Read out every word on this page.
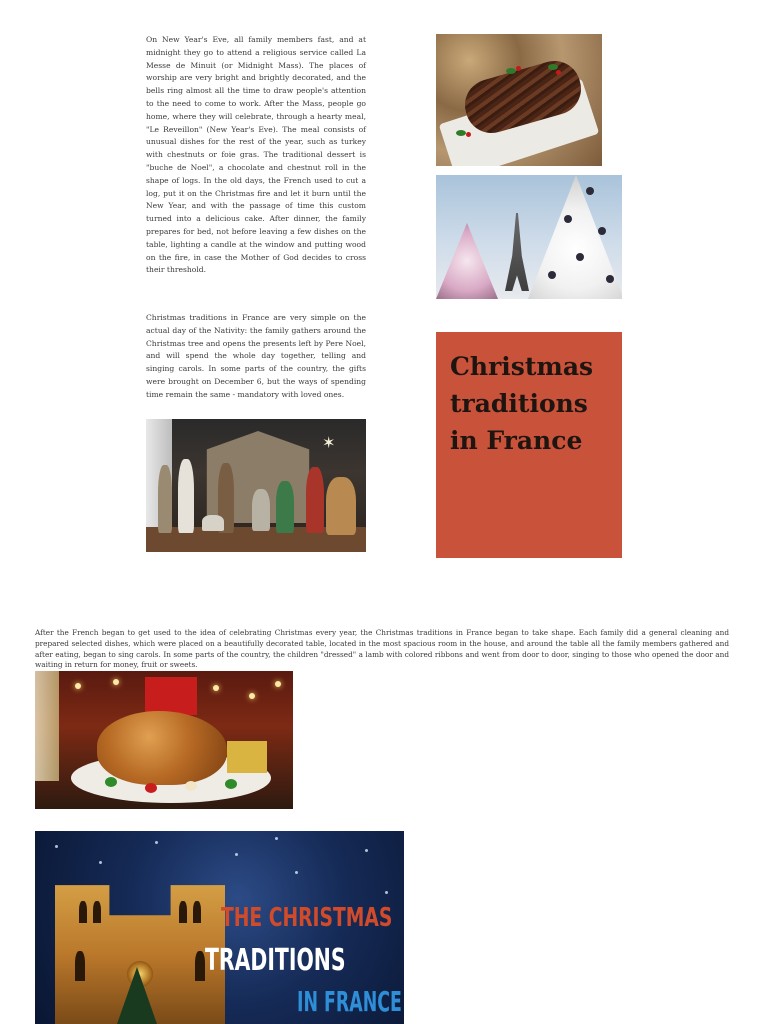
On New Year's Eve, all family members fast, and at midnight they go to attend a religious service called La Messe de Minuit (or Midnight Mass). The places of worship are very bright and brightly decorated, and the bells ring almost all the time to draw people's attention to the need to come to work. After the Mass, people go home, where they will celebrate, through a hearty meal, "Le Reveillon" (New Year's Eve). The meal consists of unusual dishes for the rest of the year, such as turkey with chestnuts or foie gras. The traditional dessert is "buche de Noel", a chocolate and chestnut roll in the shape of logs. In the old days, the French used to cut a log, put it on the Christmas fire and let it burn until the New Year, and with the passage of time this custom turned into a delicious cake. After dinner, the family prepares for bed, not before leaving a few dishes on the table, lighting a candle at the window and putting wood on the fire, in case the Mother of God decides to cross their threshold.

Christmas traditions in France are very simple on the actual day of the Nativity: the family gathers around the Christmas tree and opens the presents left by Pere Noel, and will spend the whole day together, telling and singing carols. In some parts of the country, the gifts were brought on December 6, but the ways of spending time remain the same - mandatory with loved ones.

Christmas traditions in France
✶

After the French began to get used to the idea of celebrating Christmas every year, the Christmas traditions in France began to take shape. Each family did a general cleaning and prepared selected dishes, which were placed on a beautifully decorated table, located in the most spacious room in the house, and around the table all the family members gathered and after eating, began to sing carols. In some parts of the country, the children "dressed" a lamb with colored ribbons and went from door to door, singing to those who opened the door and waiting in return for money, fruit or sweets.

THE CHRISTMAS

TRADITIONS

IN FRANCE
